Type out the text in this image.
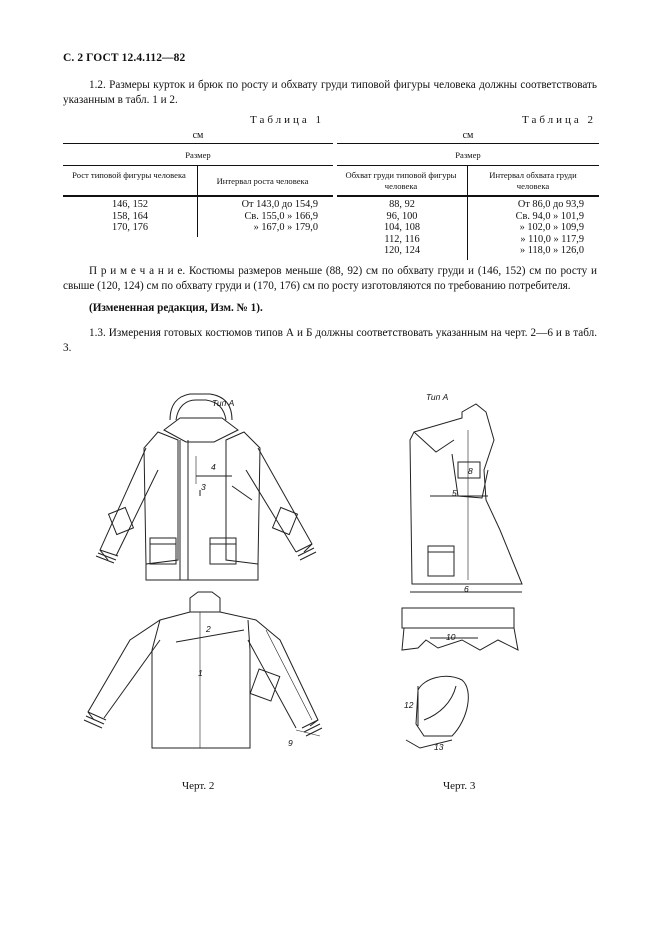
С. 2 ГОСТ 12.4.112—82
1.2. Размеры курток и брюк по росту и обхвату груди типовой фигуры человека должны соответствовать указанным в табл. 1 и 2.
Таблица 1
см
Размер
Рост типовой фигуры человека
Интервал роста человека
146, 152
158, 164
170, 176
От 143,0 до 154,9
Св. 155,0 » 166,9
» 167,0 » 179,0
Таблица 2
см
Размер
Обхват груди типовой фигуры человека
Интервал обхвата груди человека
88, 92
96, 100
104, 108
112, 116
120, 124
От 86,0 до 93,9
Св. 94,0 » 101,9
» 102,0 » 109,9
» 110,0 » 117,9
» 118,0 » 126,0
П р и м е ч а н и е. Костюмы размеров меньше (88, 92) см по обхвату груди и (146, 152) см по росту и свыше (120, 124) см по обхвату груди и (170, 176) см по росту изготовляются по требованию потребителя.
(Измененная редакция, Изм. № 1).
1.3. Измерения готовых костюмов типов А и Б должны соответствовать указанным на черт. 2—6 и в табл. 3.
Тип А
4
3
2
1
9
Черт. 2
Тип А
8
5
6
10
12
13
Черт. 3
